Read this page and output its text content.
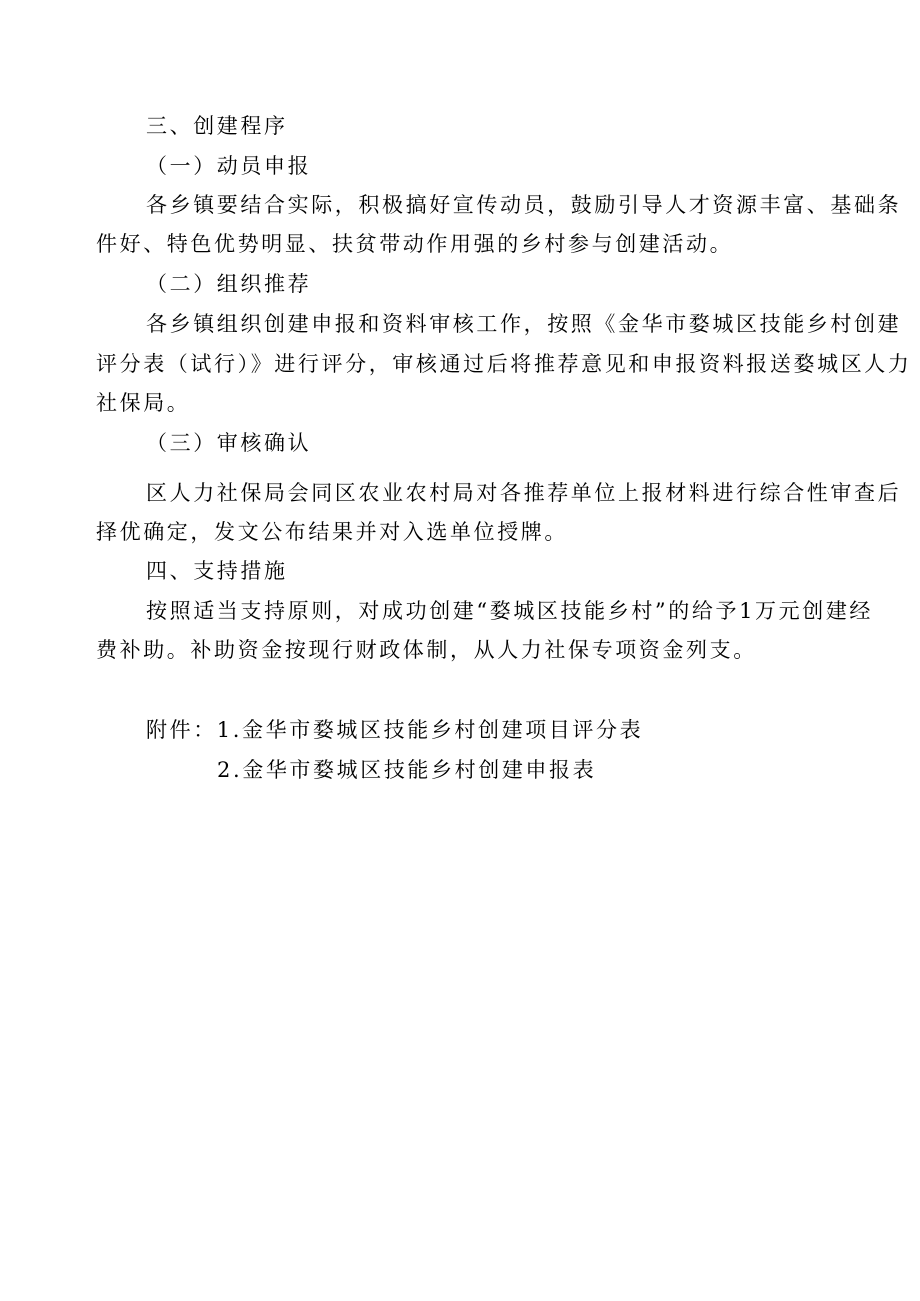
三、创建程序
（一）动员申报
各乡镇要结合实际，积极搞好宣传动员，鼓励引导人才资源丰富、基础条
件好、特色优势明显、扶贫带动作用强的乡村参与创建活动。
（二）组织推荐
各乡镇组织创建申报和资料审核工作，按照《金华市婺城区技能乡村创建
评分表（试行）》进行评分，审核通过后将推荐意见和申报资料报送婺城区人力
社保局。
（三）审核确认
区人力社保局会同区农业农村局对各推荐单位上报材料进行综合性审查后
择优确定，发文公布结果并对入选单位授牌。
四、支持措施
按照适当支持原则，对成功创建“婺城区技能乡村”的给予1万元创建经
费补助。补助资金按现行财政体制，从人力社保专项资金列支。
附件：1.金华市婺城区技能乡村创建项目评分表
2.金华市婺城区技能乡村创建申报表
